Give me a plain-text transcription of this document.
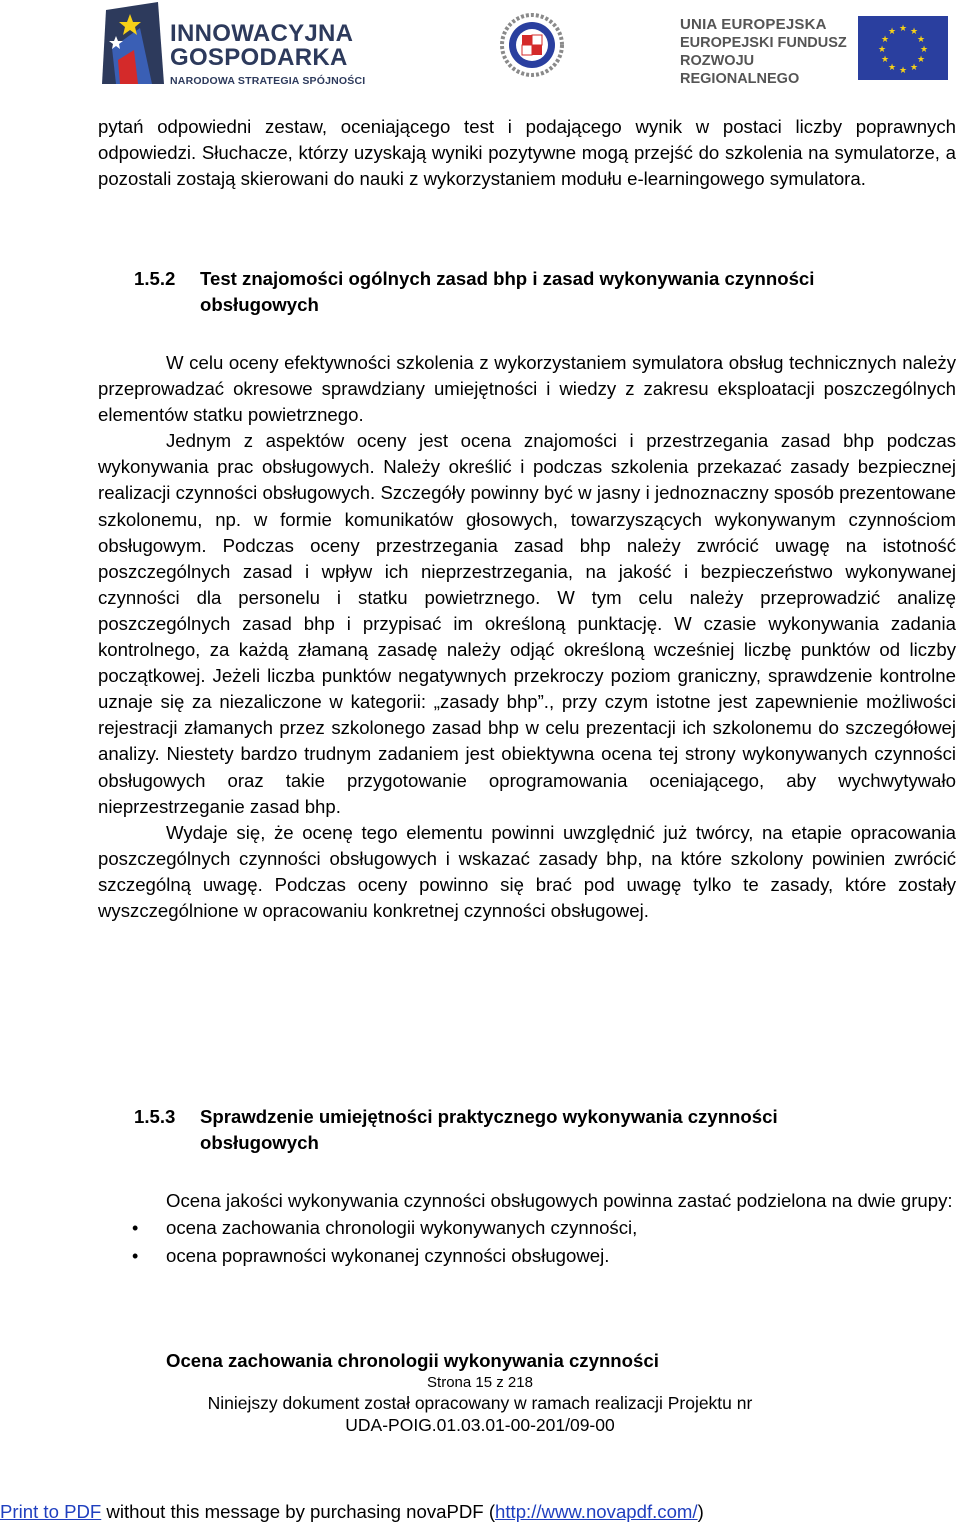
INNOWACYJNA
GOSPODARKA
NARODOWA STRATEGIA SPÓJNOŚCI
UNIA EUROPEJSKA
EUROPEJSKI FUNDUSZ
ROZWOJU REGIONALNEGO
★ ★
★
★
★
★
★
★
★
★
★
★

pytań odpowiedni zestaw, oceniającego test i podającego wynik w postaci liczby poprawnych odpowiedzi. Słuchacze, którzy uzyskają wyniki pozytywne mogą przejść do szkolenia na symulatorze, a pozostali zostają skierowani do nauki z wykorzystaniem modułu e-learningowego symulatora.

1.5.2 Test znajomości ogólnych zasad bhp i zasad wykonywania czynności
obsługowych

W celu oceny efektywności szkolenia z wykorzystaniem symulatora obsług technicznych należy przeprowadzać okresowe sprawdziany umiejętności i wiedzy z zakresu eksploatacji poszczególnych elementów statku powietrznego.

Jednym z aspektów oceny jest ocena znajomości i przestrzegania zasad bhp podczas wykonywania prac obsługowych. Należy określić i podczas szkolenia przekazać zasady bezpiecznej realizacji czynności obsługowych. Szczegóły powinny być w jasny i jednoznaczny sposób prezentowane szkolonemu, np. w formie komunikatów głosowych, towarzyszących wykonywanym czynnościom obsługowym. Podczas oceny przestrzegania zasad bhp należy zwrócić uwagę na istotność poszczególnych zasad i wpływ ich nieprzestrzegania, na jakość i bezpieczeństwo wykonywanej czynności dla personelu i statku powietrznego. W tym celu należy przeprowadzić analizę poszczególnych zasad bhp i przypisać im określoną punktację. W czasie wykonywania zadania kontrolnego, za każdą złamaną zasadę należy odjąć określoną wcześniej liczbę punktów od liczby początkowej. Jeżeli liczba punktów negatywnych przekroczy poziom graniczny, sprawdzenie kontrolne uznaje się za niezaliczone w kategorii: „zasady bhp”., przy czym istotne jest zapewnienie możliwości rejestracji złamanych przez szkolonego zasad bhp w celu prezentacji ich szkolonemu do szczegółowej analizy. Niestety bardzo trudnym zadaniem jest obiektywna ocena tej strony wykonywanych czynności obsługowych oraz takie przygotowanie oprogramowania oceniającego, aby wychwytywało nieprzestrzeganie zasad bhp.

Wydaje się, że ocenę tego elementu powinni uwzględnić już twórcy, na etapie opracowania poszczególnych czynności obsługowych i wskazać zasady bhp, na które szkolony powinien zwrócić szczególną uwagę. Podczas oceny powinno się brać pod uwagę tylko te zasady, które zostały wyszczególnione w opracowaniu konkretnej czynności obsługowej.

1.5.3 Sprawdzenie umiejętności praktycznego wykonywania czynności
obsługowych

Ocena jakości wykonywania czynności obsługowych powinna zastać podzielona na dwie grupy:

• ocena zachowania chronologii wykonywanych czynności,
• ocena poprawności wykonanej czynności obsługowej.
Ocena zachowania chronologii wykonywania czynności
Strona 15 z 218
Niniejszy dokument został opracowany w ramach realizacji Projektu nr
UDA-POIG.01.03.01-00-201/09-00
Print to PDF without this message by purchasing novaPDF (http://www.novapdf.com/)
